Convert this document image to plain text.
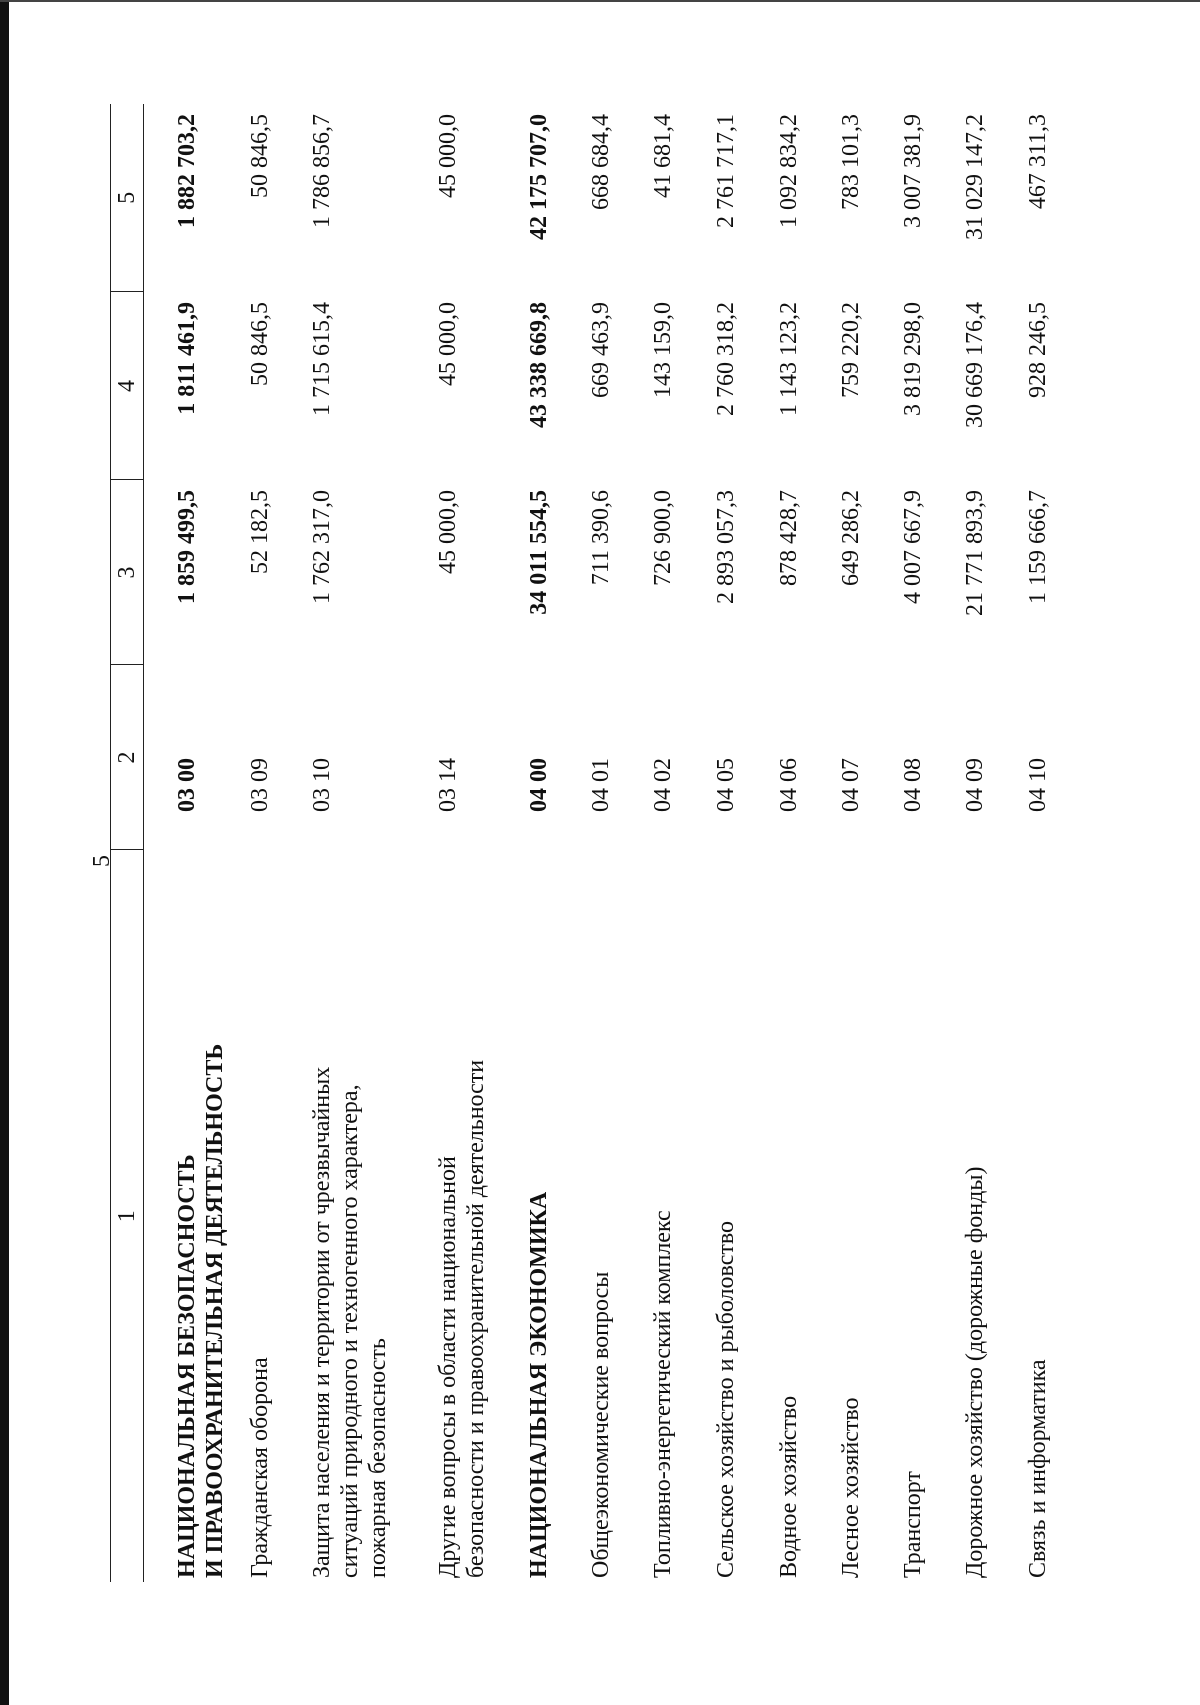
5
1	2	3	4	5

НАЦИОНАЛЬНАЯ БЕЗОПАСНОСТЬ
И ПРАВООХРАНИТЕЛЬНАЯ ДЕЯТЕЛЬНОСТЬ	03 00	1 859 499,5	1 811 461,9	1 882 703,2
Гражданская оборона	03 09	52 182,5	50 846,5	50 846,5
Защита населения и территории от чрезвычайных
ситуаций природного и техногенного характера,
пожарная безопасность	03 10	1 762 317,0	1 715 615,4	1 786 856,7
Другие вопросы в области национальной
безопасности и правоохранительной деятельности	03 14	45 000,0	45 000,0	45 000,0
НАЦИОНАЛЬНАЯ ЭКОНОМИКА	04 00	34 011 554,5	43 338 669,8	42 175 707,0
Общеэкономические вопросы	04 01	711 390,6	669 463,9	668 684,4
Топливно-энергетический комплекс	04 02	726 900,0	143 159,0	41 681,4
Сельское хозяйство и рыболовство	04 05	2 893 057,3	2 760 318,2	2 761 717,1
Водное хозяйство	04 06	878 428,7	1 143 123,2	1 092 834,2
Лесное хозяйство	04 07	649 286,2	759 220,2	783 101,3
Транспорт	04 08	4 007 667,9	3 819 298,0	3 007 381,9
Дорожное хозяйство (дорожные фонды)	04 09	21 771 893,9	30 669 176,4	31 029 147,2
Связь и информатика	04 10	1 159 666,7	928 246,5	467 311,3
